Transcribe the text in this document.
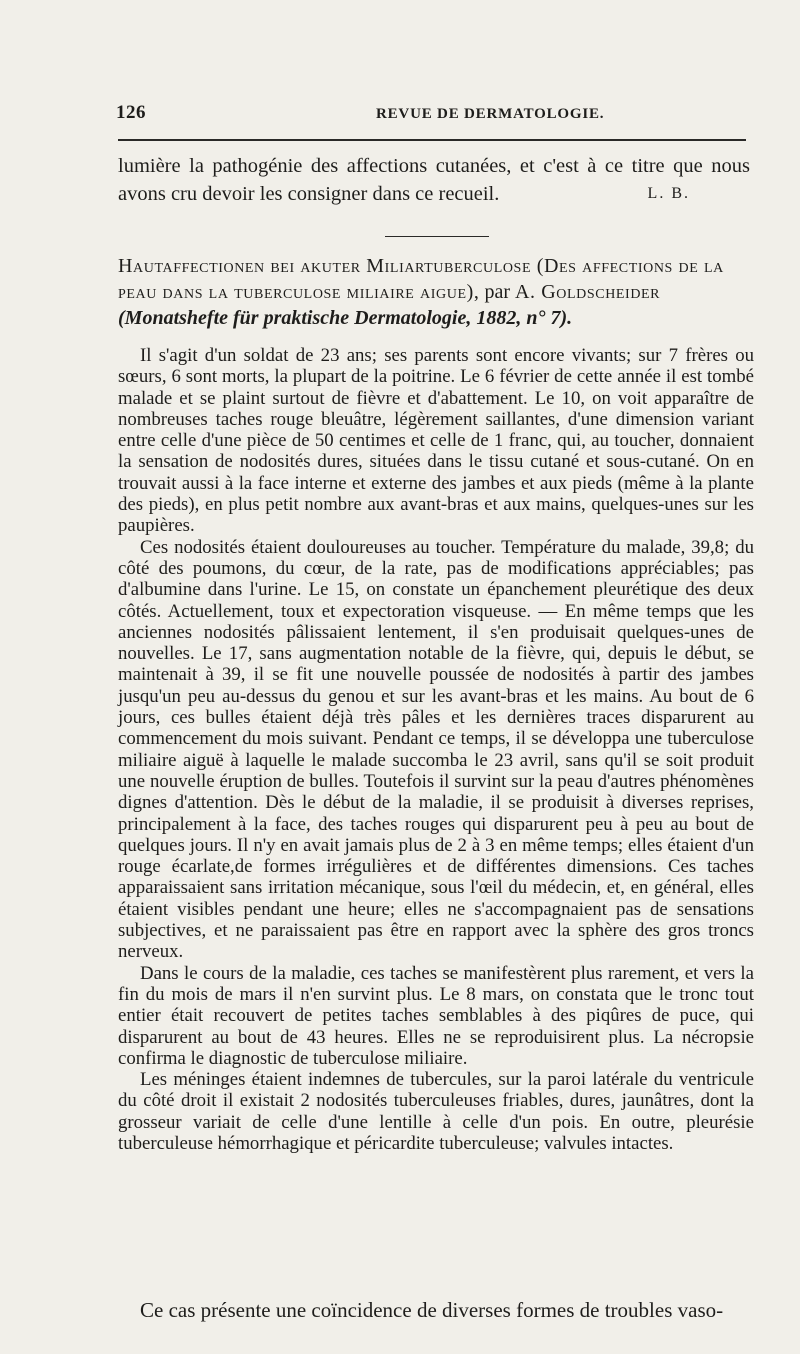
126	REVUE DE DERMATOLOGIE.
lumière la pathogénie des affections cutanées, et c'est à ce titre que nous avons cru devoir les consigner dans ce recueil.	L. B.
Hautaffectionen bei akuter Miliartuberculose (Des affections de la peau dans la tuberculose miliaire aigue), par A. Goldscheider (Monatshefte für praktische Dermatologie, 1882, n° 7).

Il s'agit d'un soldat de 23 ans; ses parents sont encore vivants; sur 7 frères ou sœurs, 6 sont morts, la plupart de la poitrine. Le 6 février de cette année il est tombé malade et se plaint surtout de fièvre et d'abattement. Le 10, on voit apparaître de nombreuses taches rouge bleuâtre, légèrement saillantes, d'une dimension variant entre celle d'une pièce de 50 centimes et celle de 1 franc, qui, au toucher, donnaient la sensation de nodosités dures, situées dans le tissu cutané et sous-cutané. On en trouvait aussi à la face interne et externe des jambes et aux pieds (même à la plante des pieds), en plus petit nombre aux avant-bras et aux mains, quelques-unes sur les paupières.

Ces nodosités étaient douloureuses au toucher. Température du malade, 39,8; du côté des poumons, du cœur, de la rate, pas de modifications appréciables; pas d'albumine dans l'urine. Le 15, on constate un épanchement pleurétique des deux côtés. Actuellement, toux et expectoration visqueuse. — En même temps que les anciennes nodosités pâlissaient lentement, il s'en produisait quelques-unes de nouvelles. Le 17, sans augmentation notable de la fièvre, qui, depuis le début, se maintenait à 39, il se fit une nouvelle poussée de nodosités à partir des jambes jusqu'un peu au-dessus du genou et sur les avant-bras et les mains. Au bout de 6 jours, ces bulles étaient déjà très pâles et les dernières traces disparurent au commencement du mois suivant. Pendant ce temps, il se développa une tuberculose miliaire aiguë à laquelle le malade succomba le 23 avril, sans qu'il se soit produit une nouvelle éruption de bulles. Toutefois il survint sur la peau d'autres phénomènes dignes d'attention. Dès le début de la maladie, il se produisit à diverses reprises, principalement à la face, des taches rouges qui disparurent peu à peu au bout de quelques jours. Il n'y en avait jamais plus de 2 à 3 en même temps; elles étaient d'un rouge écarlate,de formes irrégulières et de différentes dimensions. Ces taches apparaissaient sans irritation mécanique, sous l'œil du médecin, et, en général, elles étaient visibles pendant une heure; elles ne s'accompagnaient pas de sensations subjectives, et ne paraissaient pas être en rapport avec la sphère des gros troncs nerveux.

Dans le cours de la maladie, ces taches se manifestèrent plus rarement, et vers la fin du mois de mars il n'en survint plus. Le 8 mars, on constata que le tronc tout entier était recouvert de petites taches semblables à des piqûres de puce, qui disparurent au bout de 43 heures. Elles ne se reproduisirent plus. La nécropsie confirma le diagnostic de tuberculose miliaire.

Les méninges étaient indemnes de tubercules, sur la paroi latérale du ventricule du côté droit il existait 2 nodosités tuberculeuses friables, dures, jaunâtres, dont la grosseur variait de celle d'une lentille à celle d'un pois. En outre, pleurésie tuberculeuse hémorrhagique et péricardite tuberculeuse; valvules intactes.

Ce cas présente une coïncidence de diverses formes de troubles vaso-
